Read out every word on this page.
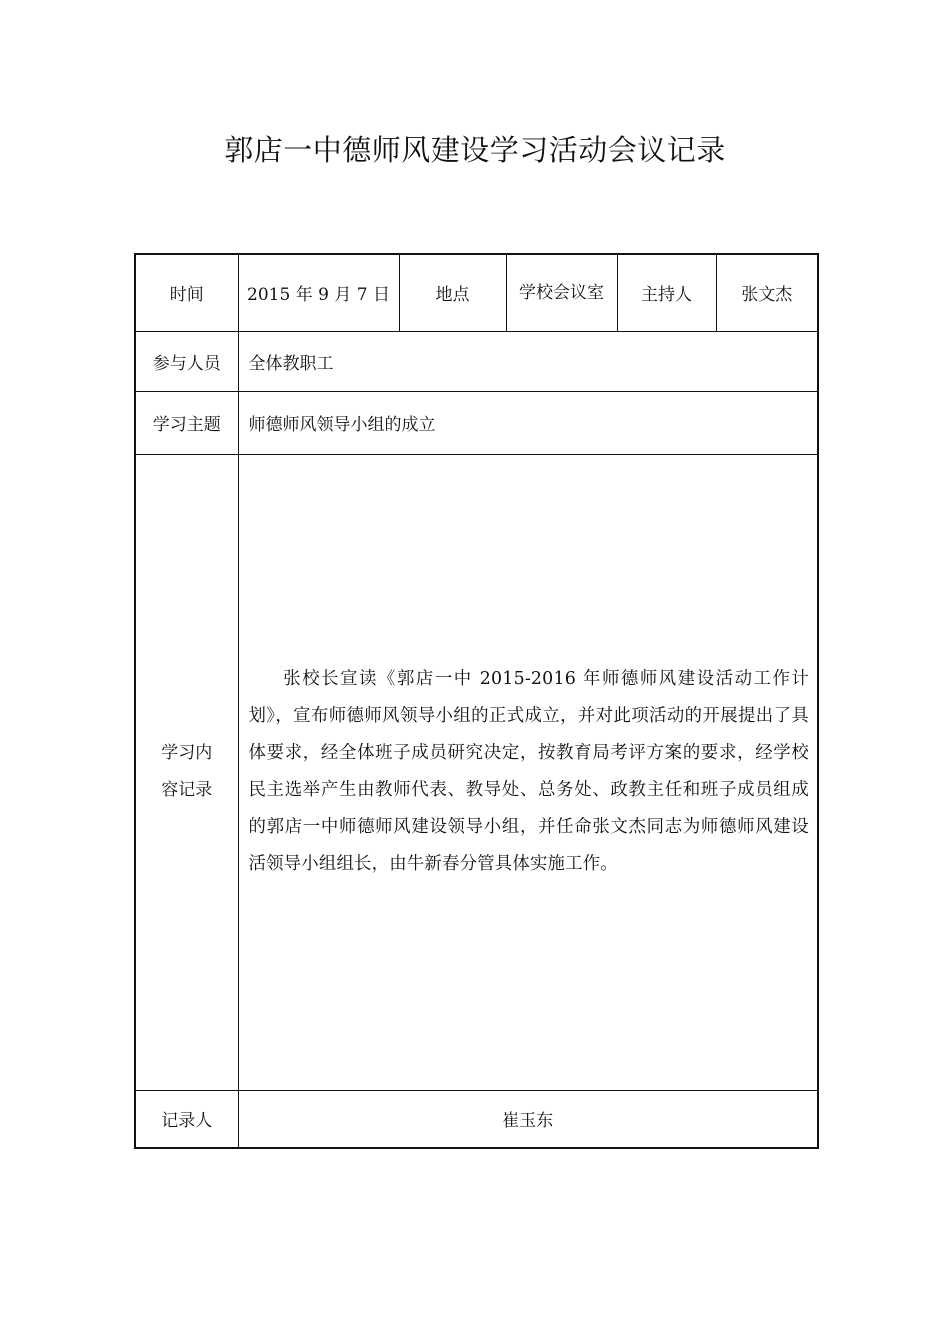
郭店一中德师风建设学习活动会议记录
时间	2015 年 9 月 7 日	地点	学校会议室	主持人	张文杰
参与人员	全体教职工				
学习主题	师德师风领导小组的成立				
学习内容记录	张校长宣读《郭店一中 2015-2016 年师德师风建设活动工作计划》，宣布师德师风领导小组的正式成立，并对此项活动的开展提出了具体要求，经全体班子成员研究决定，按教育局考评方案的要求，经学校民主选举产生由教师代表、教导处、总务处、政教主任和班子成员组成的郭店一中师德师风建设领导小组，并任命张文杰同志为师德师风建设活领导小组组长，由牛新春分管具体实施工作。				

记录人	崔玉东				
